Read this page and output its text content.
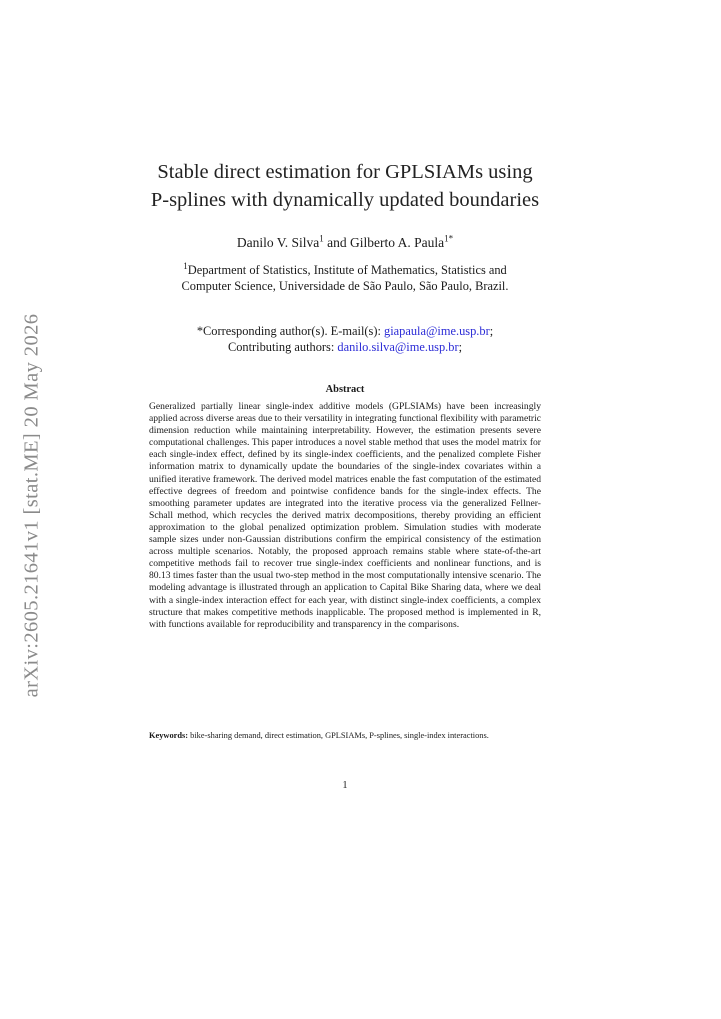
arXiv:2605.21641v1 [stat.ME] 20 May 2026
Stable direct estimation for GPLSIAMs using
P-splines with dynamically updated boundaries
Danilo V. Silva$^1$ and Gilberto A. Paula$^{1*}$
$^1$Department of Statistics, Institute of Mathematics, Statistics and
Computer Science, Universidade de São Paulo, São Paulo, Brazil.
*Corresponding author(s). E-mail(s): giapaula@ime.usp.br;
Contributing authors: danilo.silva@ime.usp.br;
Abstract

Generalized partially linear single-index additive models (GPLSIAMs) have been increasingly applied across diverse areas due to their versatility in integrating functional flexibility with parametric dimension reduction while maintaining interpretability. However, the estimation presents severe computational challenges. This paper introduces a novel stable method that uses the model matrix for each single-index effect, defined by its single-index coefficients, and the penalized complete Fisher information matrix to dynamically update the boundaries of the single-index covariates within a unified iterative framework. The derived model matrices enable the fast computation of the estimated effective degrees of freedom and pointwise confidence bands for the single-index effects. The smoothing parameter updates are integrated into the iterative process via the generalized Fellner-Schall method, which recycles the derived matrix decompositions, thereby providing an efficient approximation to the global penalized optimization problem. Simulation studies with moderate sample sizes under non-Gaussian distributions confirm the empirical consistency of the estimation across multiple scenarios. Notably, the proposed approach remains stable where state-of-the-art competitive methods fail to recover true single-index coefficients and nonlinear functions, and is 80.13 times faster than the usual two-step method in the most computationally intensive scenario. The modeling advantage is illustrated through an application to Capital Bike Sharing data, where we deal with a single-index interaction effect for each year, with distinct single-index coefficients, a complex structure that makes competitive methods inapplicable. The proposed method is implemented in R, with functions available for reproducibility and transparency in the comparisons.

Keywords: bike-sharing demand, direct estimation, GPLSIAMs, P-splines, single-index interactions.
1
